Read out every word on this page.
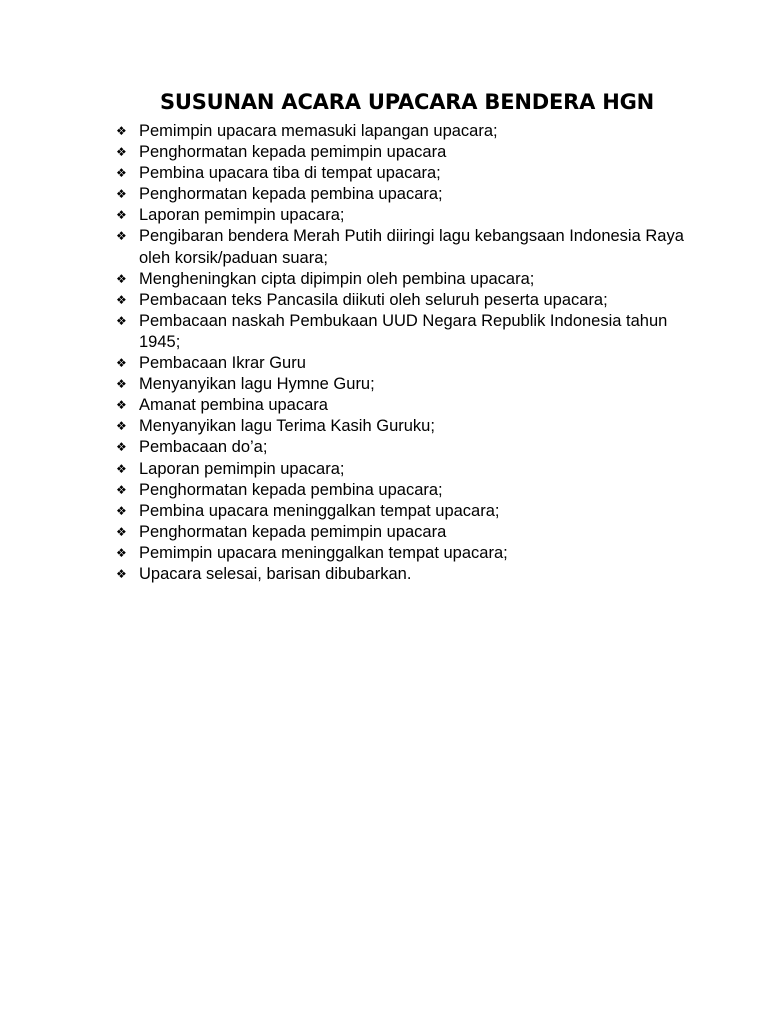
SUSUNAN ACARA UPACARA BENDERA HGN
❖ Pemimpin upacara memasuki lapangan upacara;
❖ Penghormatan kepada pemimpin upacara
❖ Pembina upacara tiba di tempat upacara;
❖ Penghormatan kepada pembina upacara;
❖ Laporan pemimpin upacara;
❖ Pengibaran bendera Merah Putih diiringi lagu kebangsaan Indonesia Raya oleh korsik/paduan suara;
❖ Mengheningkan cipta dipimpin oleh pembina upacara;
❖ Pembacaan teks Pancasila diikuti oleh seluruh peserta upacara;
❖ Pembacaan naskah Pembukaan UUD Negara Republik Indonesia tahun 1945;
❖ Pembacaan Ikrar Guru
❖ Menyanyikan lagu Hymne Guru;
❖ Amanat pembina upacara
❖ Menyanyikan lagu Terima Kasih Guruku;
❖ Pembacaan do’a;
❖ Laporan pemimpin upacara;
❖ Penghormatan kepada pembina upacara;
❖ Pembina upacara meninggalkan tempat upacara;
❖ Penghormatan kepada pemimpin upacara
❖ Pemimpin upacara meninggalkan tempat upacara;
❖ Upacara selesai, barisan dibubarkan.
